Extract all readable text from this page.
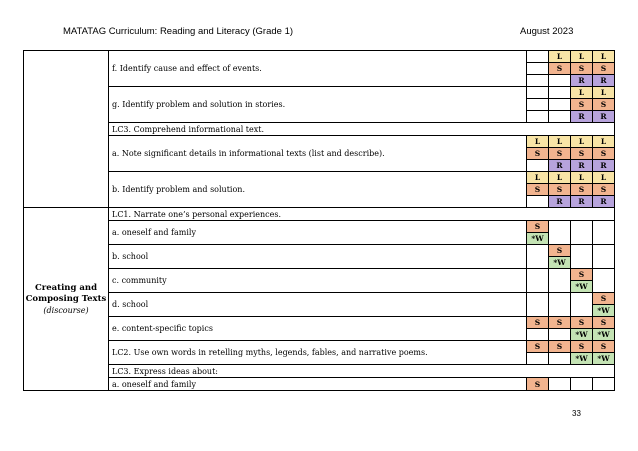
MATATAG Curriculum: Reading and Literacy (Grade 1)	August 2023
	f. Identify cause and effect of events.		L	L	L
			S	S	S
				R	R
	g. Identify problem and solution in stories.			L	L
				S	S
				R	R
	LC3. Comprehend informational text.				
	a. Note significant details in informational texts (list and describe).	L	L	L	L
		S	S	S	S
			R	R	R
	b. Identify problem and solution.	L	L	L	L
		S	S	S	S
			R	R	R

Creating and
Composing Texts
(discourse)	LC1. Narrate one’s personal experiences.				
	a. oneself and family	S			
		*W			
	b. school		S		
			*W		
	c. community			S	
				*W	
	d. school				S
					*W
	e. content-specific topics	S	S	S	S
				*W	*W
	LC2. Use own words in retelling myths, legends, fables, and narrative poems.	S	S	S	S
				*W	*W
	LC3. Express ideas about:				
	a. oneself and family	S			
33
